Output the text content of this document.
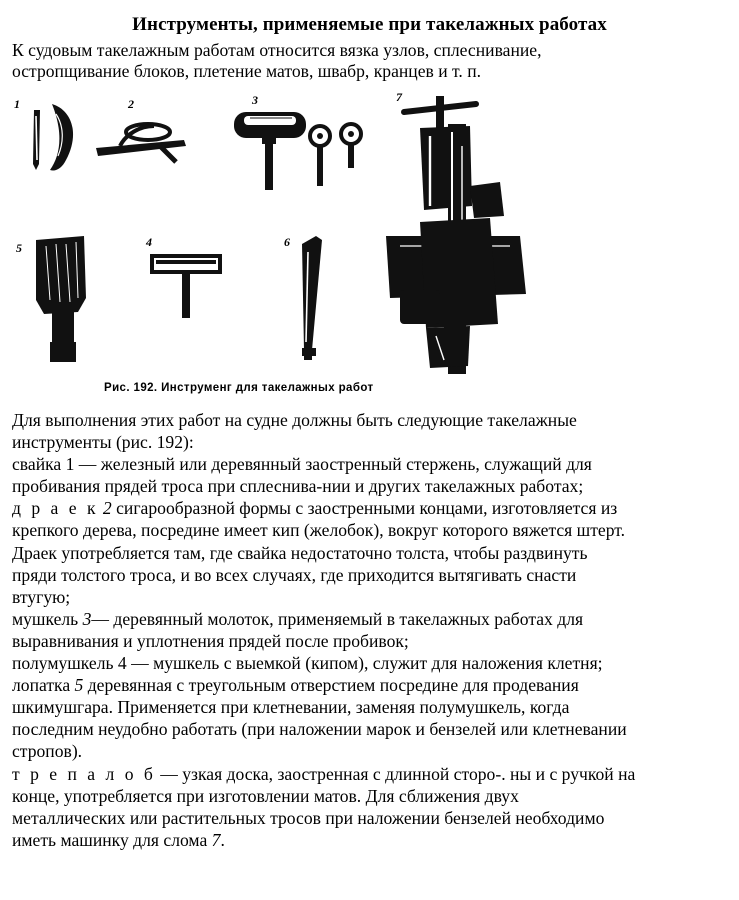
Инструменты, применяемые при такелажных работах
К судовым такелажным работам относится вязка узлов, сплеснивание,
остропщивание блоков, плетение матов, швабр, кранцев и т. п.
1	2	3	7
5	4	6
Рис. 192. Инструменг для такелажных работ
Для выполнения этих работ на судне должны быть следующие такелажные
инструменты (рис. 192):
свайка 1 — железный или деревянный заостренный стержень, служащий для
пробивания прядей троса при сплеснива-нии и других такелажных работах;
д р а е к 2 сигарообразной формы с заостренными концами, изготовляется из
крепкого дерева, посредине имеет кип (желобок), вокруг которого вяжется штерт.
Драек употребляется там, где свайка недостаточно толста, чтобы раздвинуть
пряди толстого троса, и во всех случаях, где приходится вытягивать снасти
втугую;
мушкель 3— деревянный молоток, применяемый в такелажных работах для
выравнивания и уплотнения прядей после пробивок;
полумушкель 4 — мушкель с выемкой (кипом), служит для наложения клетня;
лопатка 5 деревянная с треугольным отверстием посредине для продевания
шкимушгара. Применяется при клетневании, заменяя полумушкель, когда
последним неудобно работать (при наложении марок и бензелей или клетневании
стропов).
т р е п а л о б — узкая доска, заостренная с длинной сторо-. ны и с ручкой на
конце, употребляется при изготовлении матов. Для сближения двух
металлических или растительных тросов при наложении бензелей необходимо
иметь машинку для слома 7.
